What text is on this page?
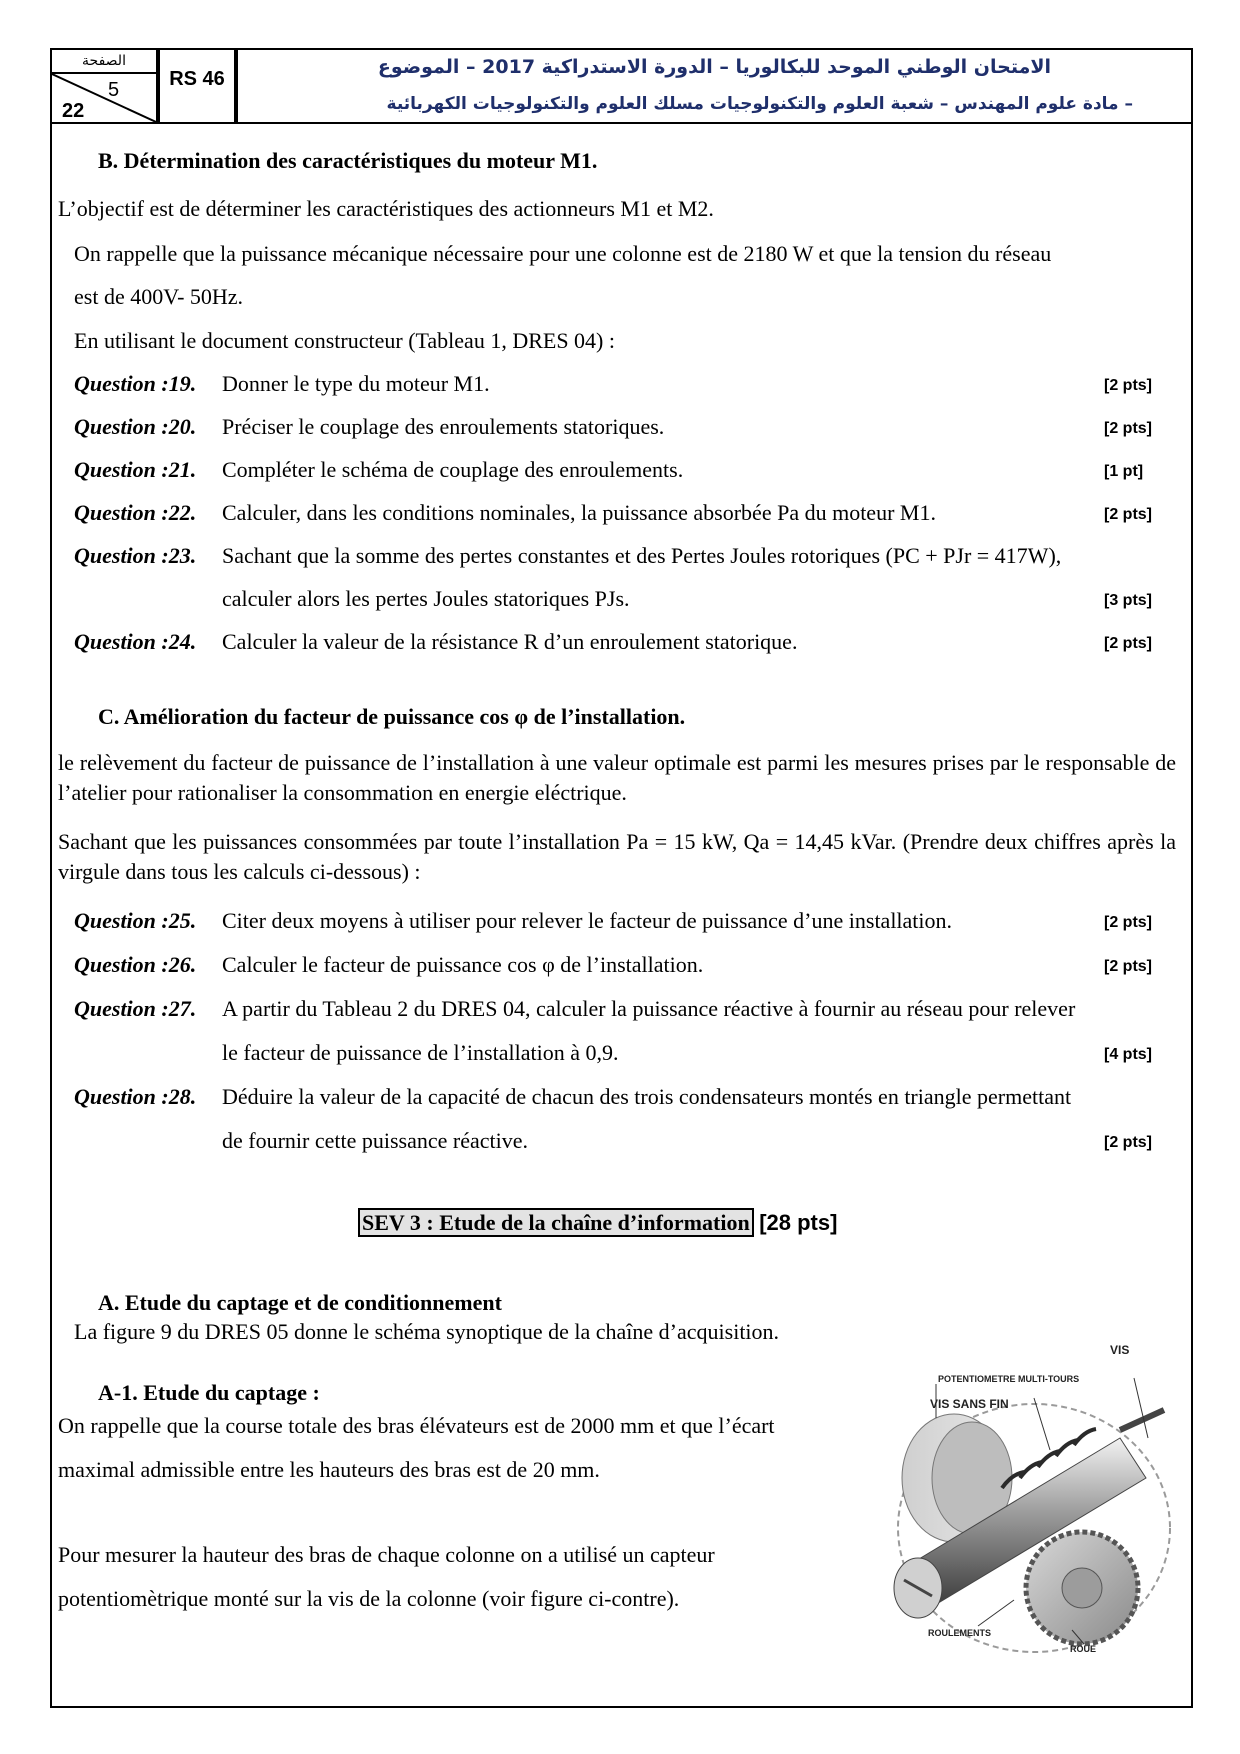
الصفحة
5
22
RS 46
الامتحان الوطني الموحد للبكالوريا – الدورة الاستدراكية 2017 – الموضوع
– مادة علوم المهندس – شعبة العلوم والتكنولوجيات مسلك العلوم والتكنولوجيات الكهربائية
B. Détermination des caractéristiques du moteur M1.
L’objectif est de déterminer les caractéristiques des actionneurs M1 et M2.
On rappelle que la puissance mécanique nécessaire pour une colonne est de 2180 W et que la tension du réseau
est de 400V- 50Hz.
En utilisant le document constructeur (Tableau 1, DRES 04) :
Question :19. Donner le type du moteur M1.	[2 pts]
Question :20. Préciser le couplage des enroulements statoriques.	[2 pts]
Question :21. Compléter le schéma de couplage des enroulements.	[1 pt]
Question :22. Calculer, dans les conditions nominales, la puissance absorbée Pa du moteur M1.	[2 pts]
Question :23. Sachant que la somme des pertes constantes et des Pertes Joules rotoriques (PC + PJr = 417W),
calculer alors les pertes Joules statoriques PJs.	[3 pts]
Question :24. Calculer la valeur de la résistance R d’un enroulement statorique.	[2 pts]
C. Amélioration du facteur de puissance cos φ de l’installation.
le relèvement du facteur de puissance de l’installation à une valeur optimale est parmi les mesures prises par le responsable de l’atelier pour rationaliser la consommation en energie eléctrique.
Sachant que les puissances consommées par toute l’installation Pa = 15 kW, Qa = 14,45 kVar. (Prendre deux chiffres après la virgule dans tous les calculs ci-dessous) :
Question :25. Citer deux moyens à utiliser pour relever le facteur de puissance d’une installation.	[2 pts]
Question :26. Calculer le facteur de puissance cos φ de l’installation.	[2 pts]
Question :27. A partir du Tableau 2 du DRES 04, calculer la puissance réactive à fournir au réseau pour relever
le facteur de puissance de l’installation à 0,9.	[4 pts]
Question :28. Déduire la valeur de la capacité de chacun des trois condensateurs montés en triangle permettant
de fournir cette puissance réactive.	[2 pts]
SEV 3 : Etude de la chaîne d’information [28 pts]
A. Etude du captage et de conditionnement
La figure 9 du DRES 05 donne le schéma synoptique de la chaîne d’acquisition.
A-1. Etude du captage :
On rappelle que la course totale des bras élévateurs est de 2000 mm et que l’écart
maximal admissible entre les hauteurs des bras est de 20 mm.
Pour mesurer la hauteur des bras de chaque colonne on a utilisé un capteur
potentiomètrique monté sur la vis de la colonne (voir figure ci-contre).
VIS
POTENTIOMETRE MULTI-TOURS
VIS SANS FIN
ROULEMENTS
ROUE
